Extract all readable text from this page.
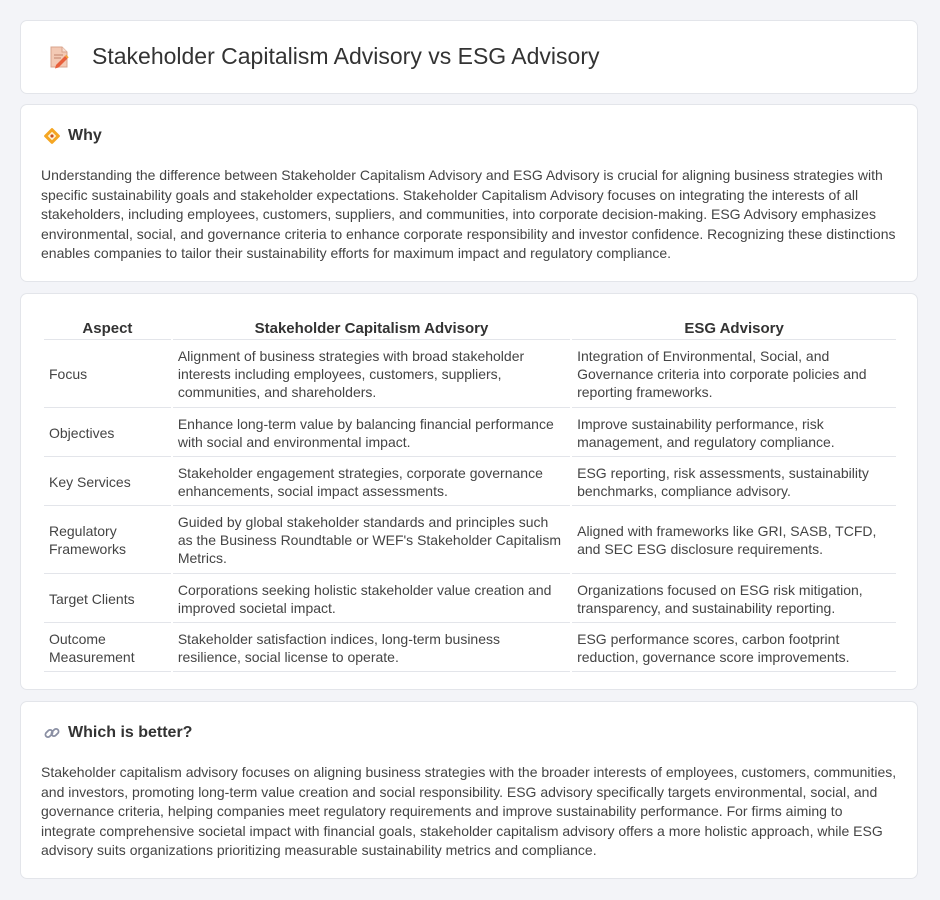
Stakeholder Capitalism Advisory vs ESG Advisory
Why

Understanding the difference between Stakeholder Capitalism Advisory and ESG Advisory is crucial for aligning business strategies with specific sustainability goals and stakeholder expectations. Stakeholder Capitalism Advisory focuses on integrating the interests of all stakeholders, including employees, customers, suppliers, and communities, into corporate decision-making. ESG Advisory emphasizes environmental, social, and governance criteria to enhance corporate responsibility and investor confidence. Recognizing these distinctions enables companies to tailor their sustainability efforts for maximum impact and regulatory compliance.

Aspect	Stakeholder Capitalism Advisory	ESG Advisory
Focus	Alignment of business strategies with broad stakeholder interests including employees, customers, suppliers, communities, and shareholders.	Integration of Environmental, Social, and Governance criteria into corporate policies and reporting frameworks.
Objectives	Enhance long-term value by balancing financial performance with social and environmental impact.	Improve sustainability performance, risk management, and regulatory compliance.
Key Services	Stakeholder engagement strategies, corporate governance enhancements, social impact assessments.	ESG reporting, risk assessments, sustainability benchmarks, compliance advisory.
Regulatory Frameworks	Guided by global stakeholder standards and principles such as the Business Roundtable or WEF's Stakeholder Capitalism Metrics.	Aligned with frameworks like GRI, SASB, TCFD, and SEC ESG disclosure requirements.
Target Clients	Corporations seeking holistic stakeholder value creation and improved societal impact.	Organizations focused on ESG risk mitigation, transparency, and sustainability reporting.
Outcome Measurement	Stakeholder satisfaction indices, long-term business resilience, social license to operate.	ESG performance scores, carbon footprint reduction, governance score improvements.
Which is better?

Stakeholder capitalism advisory focuses on aligning business strategies with the broader interests of employees, customers, communities, and investors, promoting long-term value creation and social responsibility. ESG advisory specifically targets environmental, social, and governance criteria, helping companies meet regulatory requirements and improve sustainability performance. For firms aiming to integrate comprehensive societal impact with financial goals, stakeholder capitalism advisory offers a more holistic approach, while ESG advisory suits organizations prioritizing measurable sustainability metrics and compliance.
